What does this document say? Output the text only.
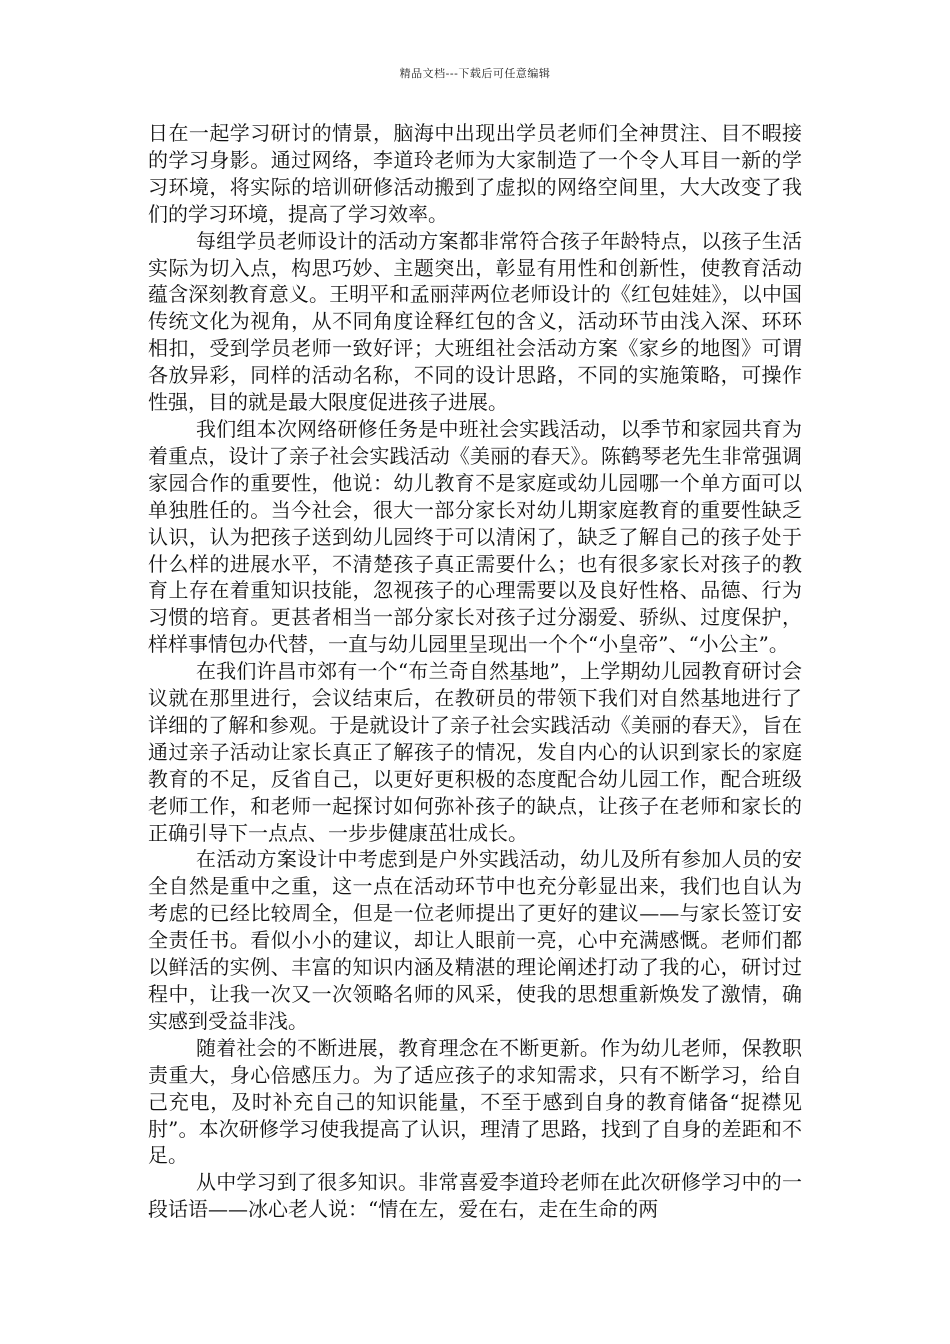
精品文档---下载后可任意编辑

日在一起学习研讨的情景，脑海中出现出学员老师们全神贯注、目不暇接的学习身影。通过网络，李道玲老师为大家制造了一个令人耳目一新的学习环境，将实际的培训研修活动搬到了虚拟的网络空间里，大大改变了我们的学习环境，提高了学习效率。

每组学员老师设计的活动方案都非常符合孩子年龄特点，以孩子生活实际为切入点，构思巧妙、主题突出，彰显有用性和创新性，使教育活动蕴含深刻教育意义。王明平和孟丽萍两位老师设计的《红包娃娃》，以中国传统文化为视角，从不同角度诠释红包的含义，活动环节由浅入深、环环相扣，受到学员老师一致好评；大班组社会活动方案《家乡的地图》可谓各放异彩，同样的活动名称，不同的设计思路，不同的实施策略，可操作性强，目的就是最大限度促进孩子进展。

我们组本次网络研修任务是中班社会实践活动，以季节和家园共育为着重点，设计了亲子社会实践活动《美丽的春天》。陈鹤琴老先生非常强调家园合作的重要性，他说：幼儿教育不是家庭或幼儿园哪一个单方面可以单独胜任的。当今社会，很大一部分家长对幼儿期家庭教育的重要性缺乏认识，认为把孩子送到幼儿园终于可以清闲了，缺乏了解自己的孩子处于什么样的进展水平，不清楚孩子真正需要什么；也有很多家长对孩子的教育上存在着重知识技能，忽视孩子的心理需要以及良好性格、品德、行为习惯的培育。更甚者相当一部分家长对孩子过分溺爱、骄纵、过度保护，样样事情包办代替，一直与幼儿园里呈现出一个个“小皇帝”、“小公主”。

在我们许昌市郊有一个“布兰奇自然基地”，上学期幼儿园教育研讨会议就在那里进行，会议结束后，在教研员的带领下我们对自然基地进行了详细的了解和参观。于是就设计了亲子社会实践活动《美丽的春天》，旨在通过亲子活动让家长真正了解孩子的情况，发自内心的认识到家长的家庭教育的不足，反省自己，以更好更积极的态度配合幼儿园工作，配合班级老师工作，和老师一起探讨如何弥补孩子的缺点，让孩子在老师和家长的正确引导下一点点、一步步健康茁壮成长。

在活动方案设计中考虑到是户外实践活动，幼儿及所有参加人员的安全自然是重中之重，这一点在活动环节中也充分彰显出来，我们也自认为考虑的已经比较周全，但是一位老师提出了更好的建议——与家长签订安全责任书。看似小小的建议，却让人眼前一亮，心中充满感慨。老师们都以鲜活的实例、丰富的知识内涵及精湛的理论阐述打动了我的心，研讨过程中，让我一次又一次领略名师的风采，使我的思想重新焕发了激情，确实感到受益非浅。

随着社会的不断进展，教育理念在不断更新。作为幼儿老师，保教职责重大，身心倍感压力。为了适应孩子的求知需求，只有不断学习，给自己充电，及时补充自己的知识能量，不至于感到自身的教育储备“捉襟见肘”。本次研修学习使我提高了认识，理清了思路，找到了自身的差距和不足。

从中学习到了很多知识。非常喜爱李道玲老师在此次研修学习中的一段话语——冰心老人说：“情在左，爱在右，走在生命的两
